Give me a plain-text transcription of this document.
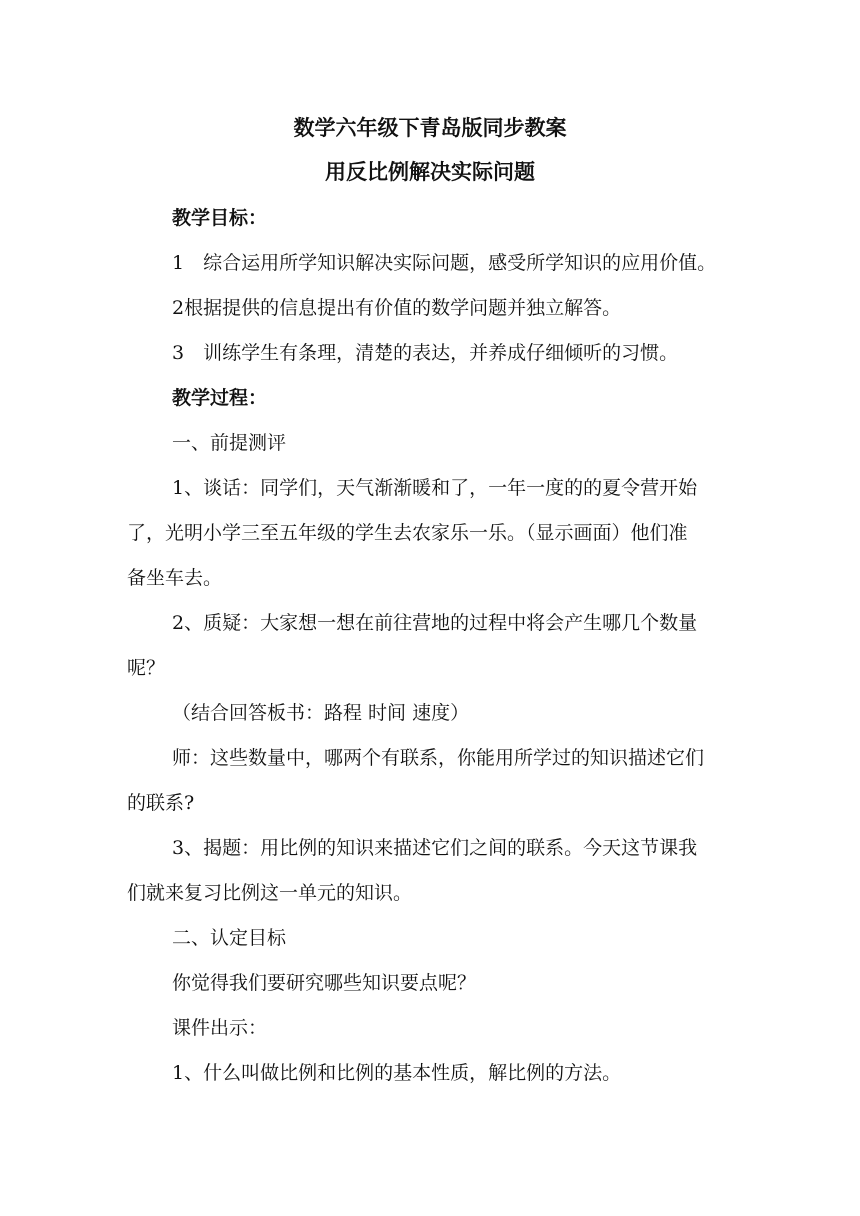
数学六年级下青岛版同步教案
用反比例解决实际问题
教学目标：
1　综合运用所学知识解决实际问题，感受所学知识的应用价值。
2根据提供的信息提出有价值的数学问题并独立解答。
3　训练学生有条理，清楚的表达，并养成仔细倾听的习惯。
教学过程：
一、前提测评
1、谈话：同学们，天气渐渐暖和了，一年一度的的夏令营开始
了，光明小学三至五年级的学生去农家乐一乐。（显示画面）他们准
备坐车去。
2、质疑：大家想一想在前往营地的过程中将会产生哪几个数量
呢？
（结合回答板书：路程 时间 速度）
师：这些数量中，哪两个有联系，你能用所学过的知识描述它们
的联系?
3、揭题：用比例的知识来描述它们之间的联系。今天这节课我
们就来复习比例这一单元的知识。
二、认定目标
你觉得我们要研究哪些知识要点呢？
课件出示：
1、什么叫做比例和比例的基本性质，解比例的方法。
